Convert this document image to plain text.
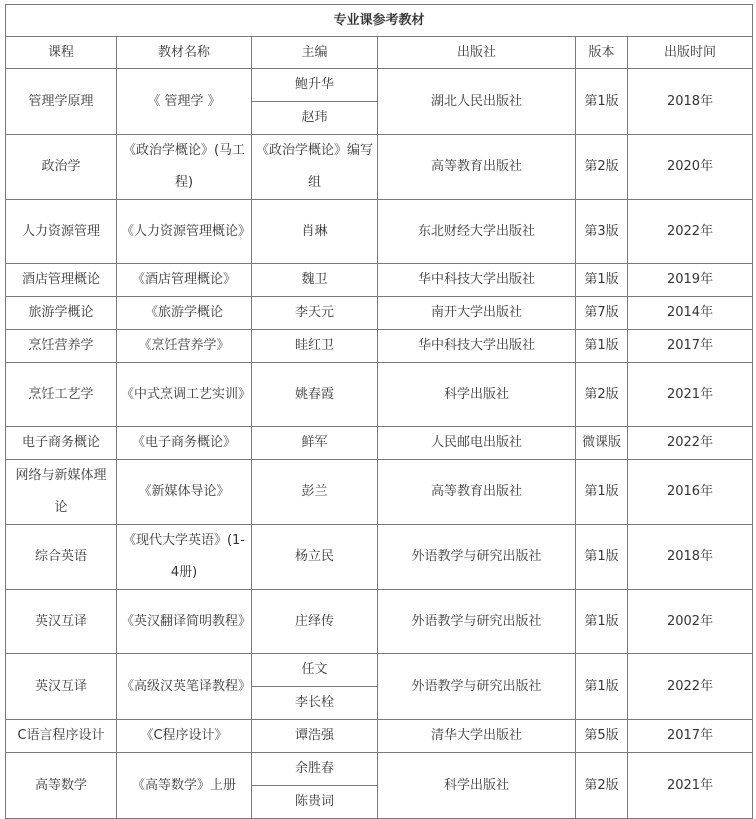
专业课参考教材					
课程	教材名称	主编	出版社	版本	出版时间
管理学原理	《 管理学 》	鲍升华	湖北人民出版社	第1版	2018年
		赵玮			
政治学	《政治学概论》(马工程)	《政治学概论》编写组	高等教育出版社	第2版	2020年
人力资源管理	《人力资源管理概论》	肖琳	东北财经大学出版社	第3版	2022年
酒店管理概论	《酒店管理概论》	魏卫	华中科技大学出版社	第1版	2019年
旅游学概论	《旅游学概论	李天元	南开大学出版社	第7版	2014年
烹饪营养学	《烹饪营养学》	眭红卫	华中科技大学出版社	第1版	2017年
烹饪工艺学	《中式烹调工艺实训》	姚春霞	科学出版社	第2版	2021年
电子商务概论	《电子商务概论》	鲜军	人民邮电出版社	微课版	2022年
网络与新媒体理论	《新媒体导论》	彭兰	高等教育出版社	第1版	2016年
综合英语	《现代大学英语》(1-4册)	杨立民	外语教学与研究出版社	第1版	2018年
英汉互译	《英汉翻译简明教程》	庄绎传	外语教学与研究出版社	第1版	2002年
英汉互译	《高级汉英笔译教程》	任文	外语教学与研究出版社	第1版	2022年
		李长栓			
C语言程序设计	《C程序设计》	谭浩强	清华大学出版社	第5版	2017年
高等数学	《高等数学》上册	余胜春	科学出版社	第2版	2021年
		陈贵词			
